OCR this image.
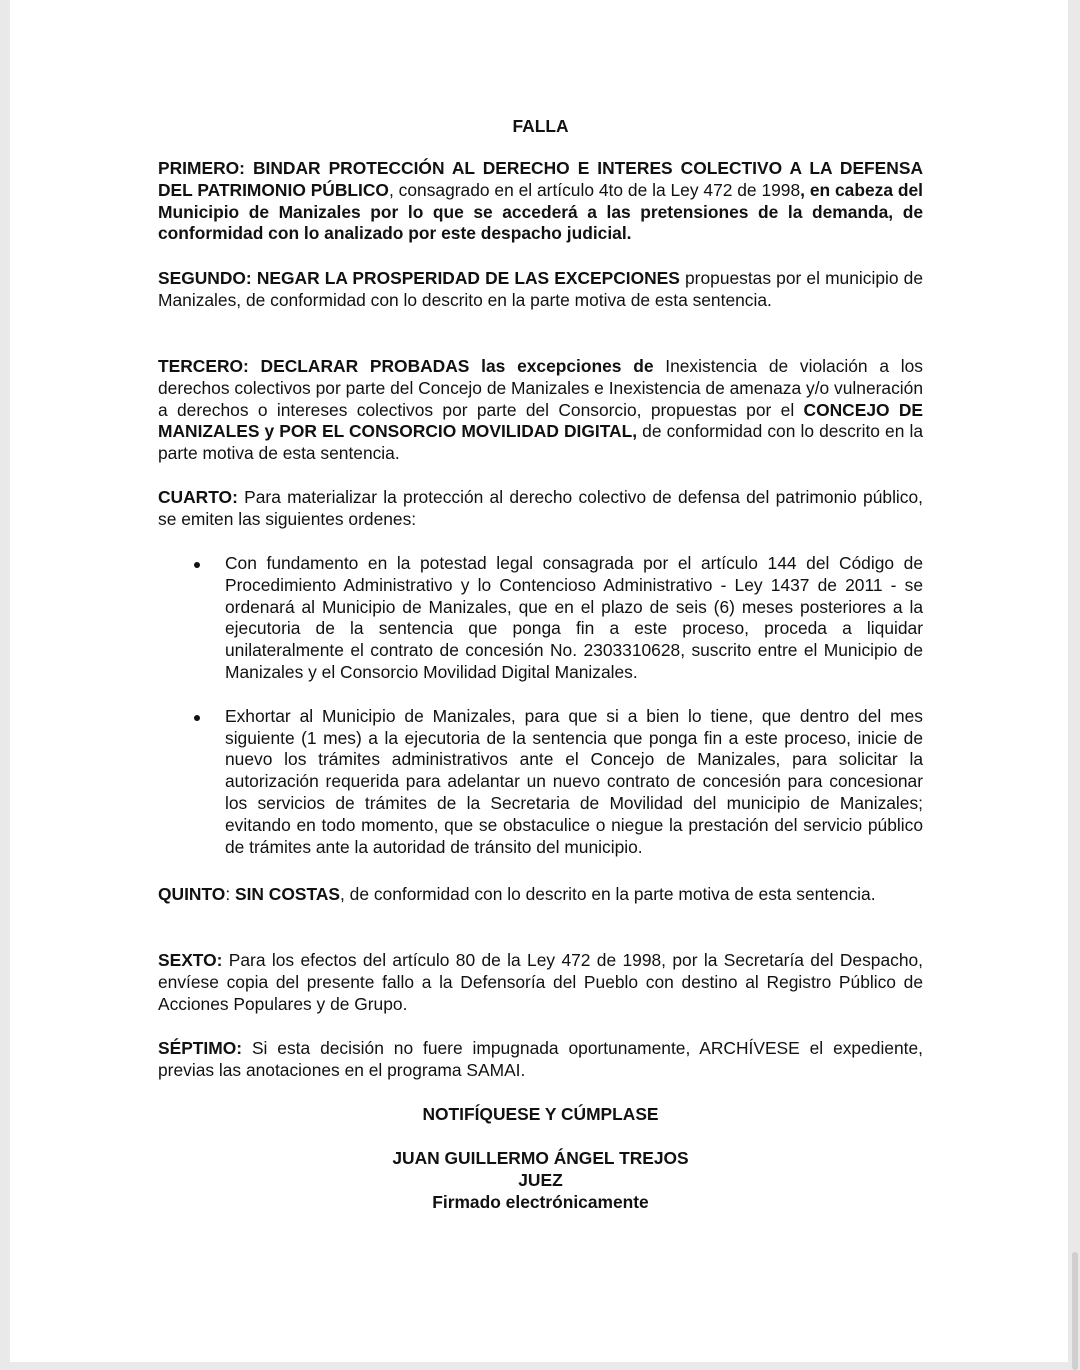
FALLA

PRIMERO: BINDAR PROTECCIÓN AL DERECHO E INTERES COLECTIVO A LA DEFENSA DEL PATRIMONIO PÚBLICO, consagrado en el artículo 4to de la Ley 472 de 1998, en cabeza del Municipio de Manizales por lo que se accederá a las pretensiones de la demanda, de conformidad con lo analizado por este despacho judicial.

SEGUNDO: NEGAR LA PROSPERIDAD DE LAS EXCEPCIONES propuestas por el municipio de Manizales, de conformidad con lo descrito en la parte motiva de esta sentencia.

TERCERO: DECLARAR PROBADAS las excepciones de Inexistencia de violación a los derechos colectivos por parte del Concejo de Manizales e Inexistencia de amenaza y/o vulneración a derechos o intereses colectivos por parte del Consorcio, propuestas por el CONCEJO DE MANIZALES y POR EL CONSORCIO MOVILIDAD DIGITAL, de conformidad con lo descrito en la parte motiva de esta sentencia.

CUARTO: Para materializar la protección al derecho colectivo de defensa del patrimonio público, se emiten las siguientes ordenes:

Con fundamento en la potestad legal consagrada por el artículo 144 del Código de Procedimiento Administrativo y lo Contencioso Administrativo - Ley 1437 de 2011 - se ordenará al Municipio de Manizales, que en el plazo de seis (6) meses posteriores a la ejecutoria de la sentencia que ponga fin a este proceso, proceda a liquidar unilateralmente el contrato de concesión No. 2303310628, suscrito entre el Municipio de Manizales y el Consorcio Movilidad Digital Manizales.
Exhortar al Municipio de Manizales, para que si a bien lo tiene, que dentro del mes siguiente (1 mes) a la ejecutoria de la sentencia que ponga fin a este proceso, inicie de nuevo los trámites administrativos ante el Concejo de Manizales, para solicitar la autorización requerida para adelantar un nuevo contrato de concesión para concesionar los servicios de trámites de la Secretaria de Movilidad del municipio de Manizales; evitando en todo momento, que se obstaculice o niegue la prestación del servicio público de trámites ante la autoridad de tránsito del municipio.

QUINTO: SIN COSTAS, de conformidad con lo descrito en la parte motiva de esta sentencia.

SEXTO: Para los efectos del artículo 80 de la Ley 472 de 1998, por la Secretaría del Despacho, envíese copia del presente fallo a la Defensoría del Pueblo con destino al Registro Público de Acciones Populares y de Grupo.

SÉPTIMO: Si esta decisión no fuere impugnada oportunamente, ARCHÍVESE el expediente, previas las anotaciones en el programa SAMAI.

NOTIFÍQUESE Y CÚMPLASE
JUAN GUILLERMO ÁNGEL TREJOS
JUEZ
Firmado electrónicamente
